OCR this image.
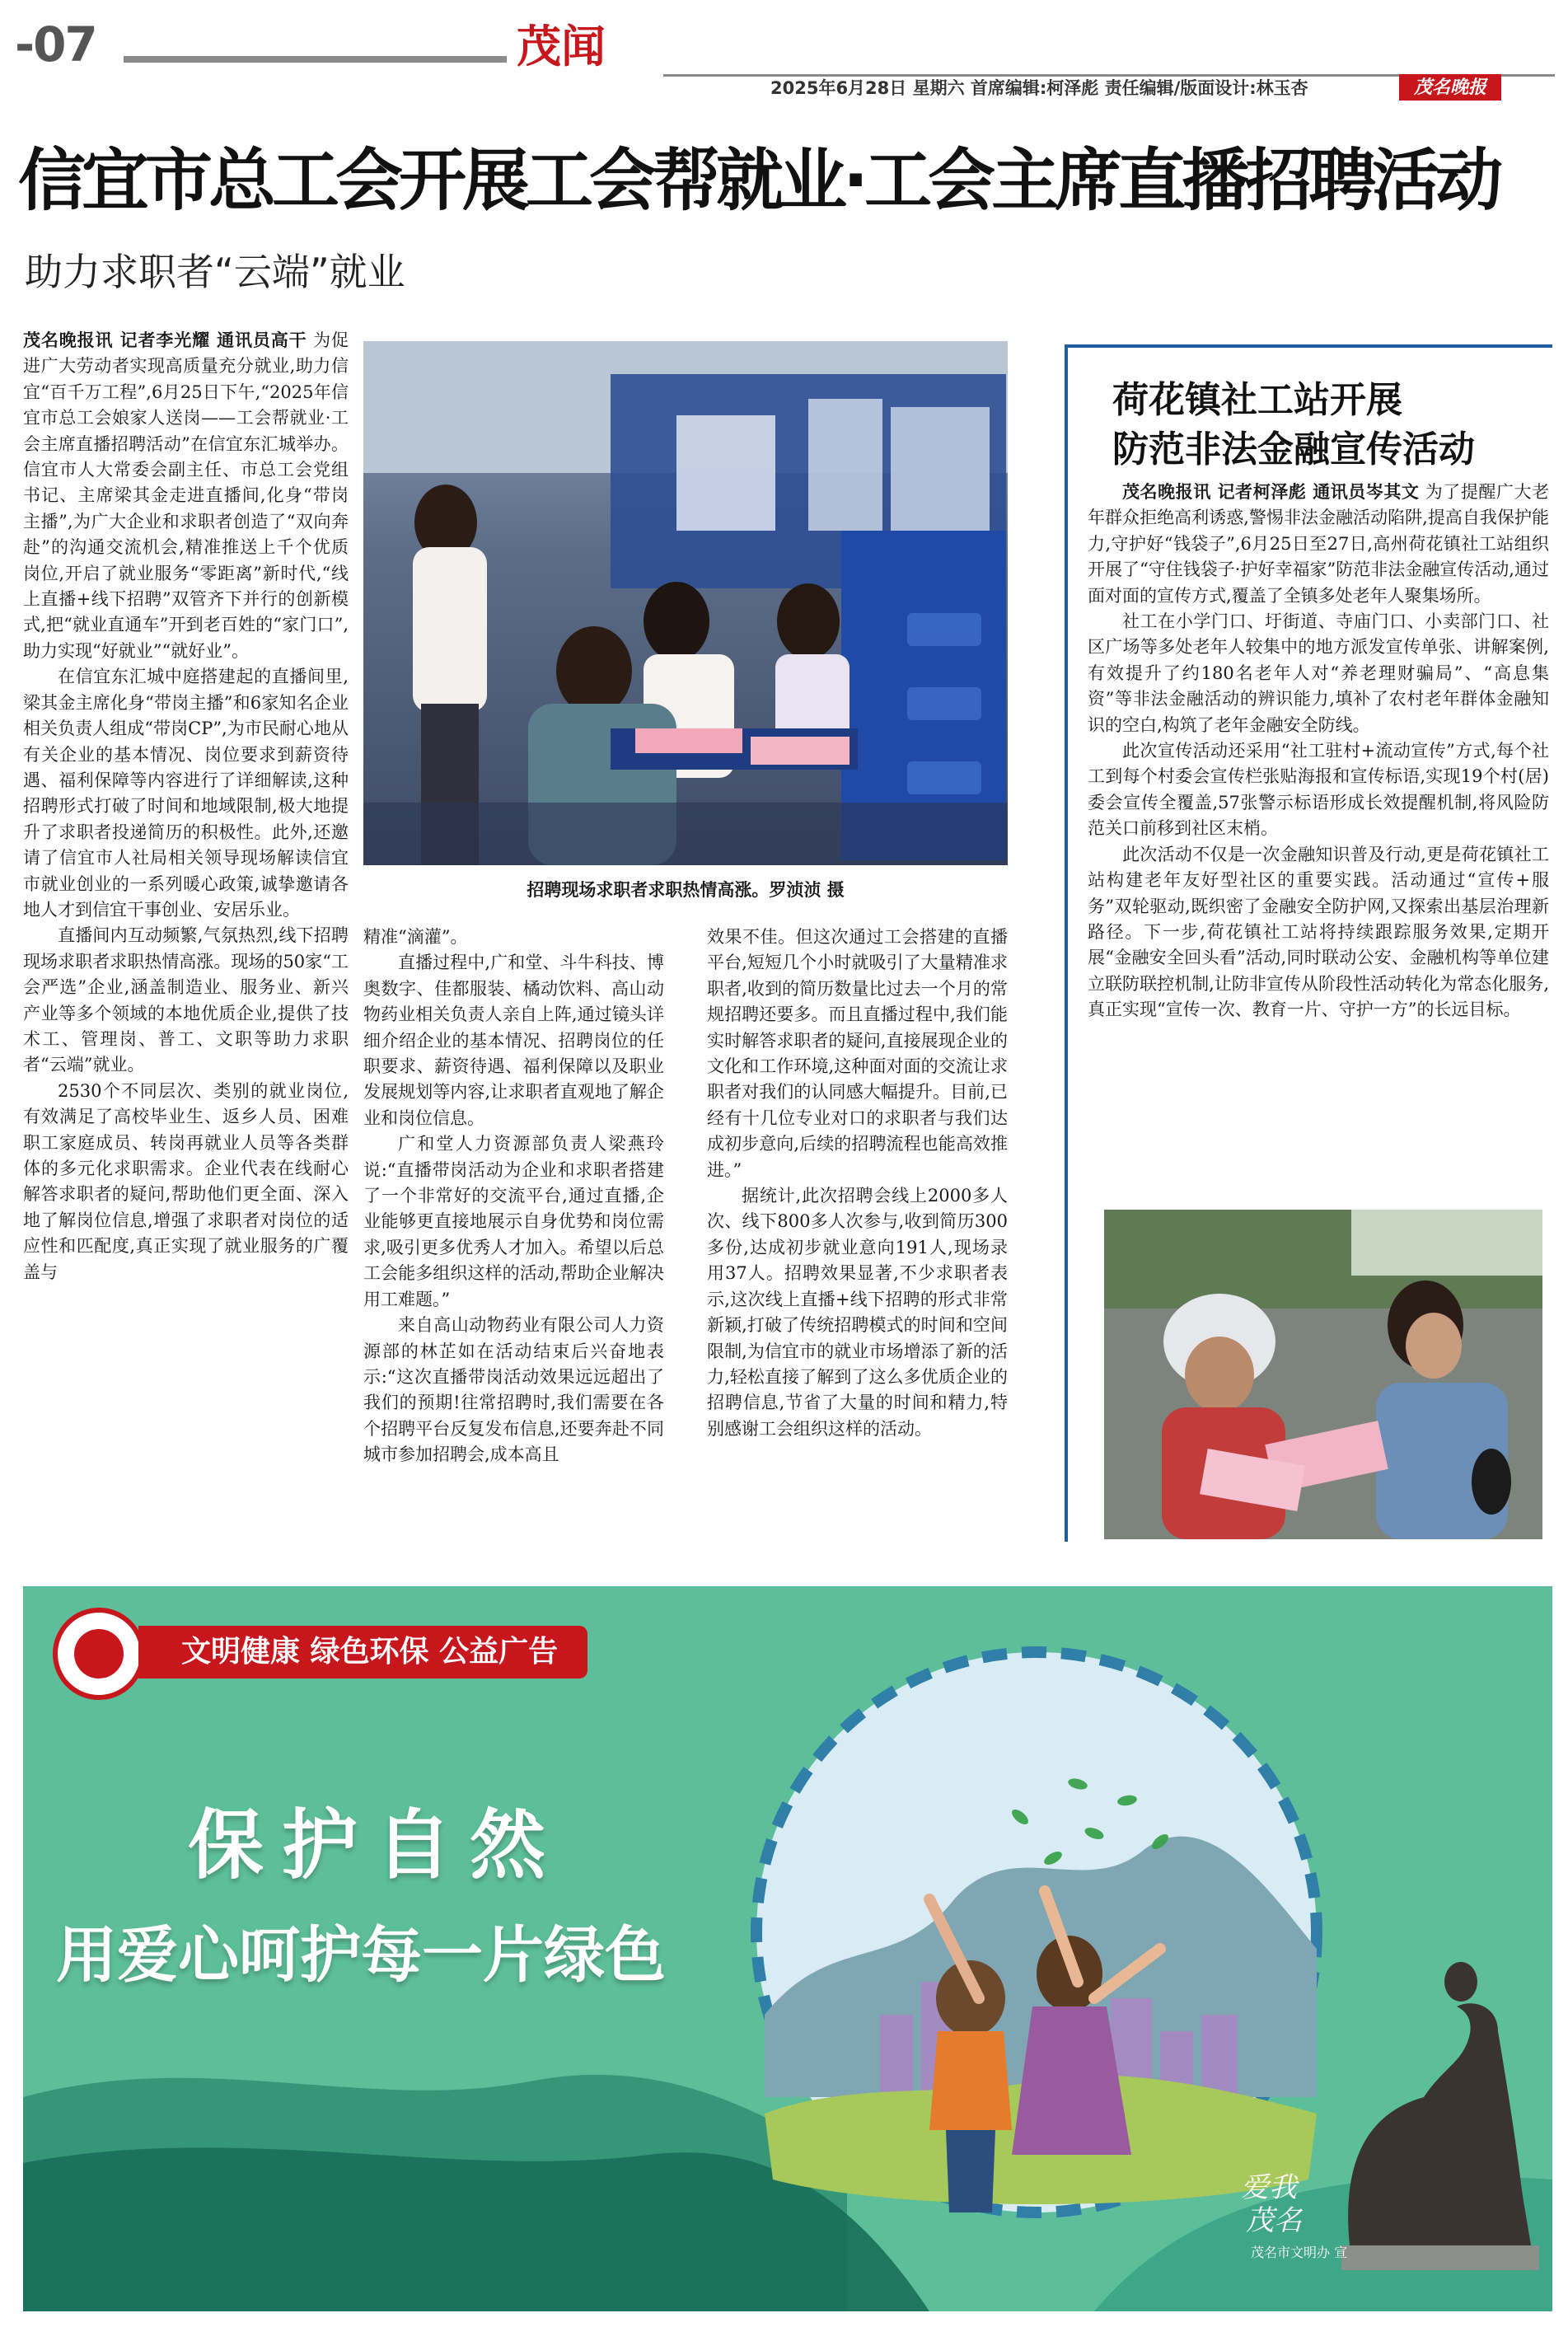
-07	茂闻
2025年6月28日 星期六 首席编辑:柯泽彪 责任编辑/版面设计:林玉杏	茂名晚报
信宜市总工会开展工会帮就业·工会主席直播招聘活动
助力求职者“云端”就业

茂名晚报讯 记者李光耀 通讯员高干 为促进广大劳动者实现高质量充分就业,助力信宜“百千万工程”,6月25日下午,“2025年信宜市总工会娘家人送岗——工会帮就业·工会主席直播招聘活动”在信宜东汇城举办。信宜市人大常委会副主任、市总工会党组书记、主席梁其金走进直播间,化身“带岗主播”,为广大企业和求职者创造了“双向奔赴”的沟通交流机会,精准推送上千个优质岗位,开启了就业服务“零距离”新时代,“线上直播+线下招聘”双管齐下并行的创新模式,把“就业直通车”开到老百姓的“家门口”,助力实现“好就业”“就好业”。

在信宜东汇城中庭搭建起的直播间里,梁其金主席化身“带岗主播”和6家知名企业相关负责人组成“带岗CP”,为市民耐心地从有关企业的基本情况、岗位要求到薪资待遇、福利保障等内容进行了详细解读,这种招聘形式打破了时间和地域限制,极大地提升了求职者投递简历的积极性。此外,还邀请了信宜市人社局相关领导现场解读信宜市就业创业的一系列暖心政策,诚挚邀请各地人才到信宜干事创业、安居乐业。

直播间内互动频繁,气氛热烈,线下招聘现场求职者求职热情高涨。现场的50家“工会严选”企业,涵盖制造业、服务业、新兴产业等多个领域的本地优质企业,提供了技术工、管理岗、普工、文职等助力求职者“云端”就业。

2530个不同层次、类别的就业岗位,有效满足了高校毕业生、返乡人员、困难职工家庭成员、转岗再就业人员等各类群体的多元化求职需求。企业代表在线耐心解答求职者的疑问,帮助他们更全面、深入地了解岗位信息,增强了求职者对岗位的适应性和匹配度,真正实现了就业服务的广覆盖与

招聘现场求职者求职热情高涨。罗浈浈 摄

精准“滴灌”。

直播过程中,广和堂、斗牛科技、博奥数字、佳都服装、橘动饮料、高山动物药业相关负责人亲自上阵,通过镜头详细介绍企业的基本情况、招聘岗位的任职要求、薪资待遇、福利保障以及职业发展规划等内容,让求职者直观地了解企业和岗位信息。

广和堂人力资源部负责人梁燕玲说:“直播带岗活动为企业和求职者搭建了一个非常好的交流平台,通过直播,企业能够更直接地展示自身优势和岗位需求,吸引更多优秀人才加入。希望以后总工会能多组织这样的活动,帮助企业解决用工难题。”

来自高山动物药业有限公司人力资源部的林芷如在活动结束后兴奋地表示:“这次直播带岗活动效果远远超出了我们的预期!往常招聘时,我们需要在各个招聘平台反复发布信息,还要奔赴不同城市参加招聘会,成本高且

效果不佳。但这次通过工会搭建的直播平台,短短几个小时就吸引了大量精准求职者,收到的简历数量比过去一个月的常规招聘还要多。而且直播过程中,我们能实时解答求职者的疑问,直接展现企业的文化和工作环境,这种面对面的交流让求职者对我们的认同感大幅提升。目前,已经有十几位专业对口的求职者与我们达成初步意向,后续的招聘流程也能高效推进。”

据统计,此次招聘会线上2000多人次、线下800多人次参与,收到简历300多份,达成初步就业意向191人,现场录用37人。招聘效果显著,不少求职者表示,这次线上直播+线下招聘的形式非常新颖,打破了传统招聘模式的时间和空间限制,为信宜市的就业市场增添了新的活力,轻松直接了解到了这么多优质企业的招聘信息,节省了大量的时间和精力,特别感谢工会组织这样的活动。

荷花镇社工站开展
防范非法金融宣传活动

茂名晚报讯 记者柯泽彪 通讯员岑其文 为了提醒广大老年群众拒绝高利诱惑,警惕非法金融活动陷阱,提高自我保护能力,守护好“钱袋子”,6月25日至27日,高州荷花镇社工站组织开展了“守住钱袋子·护好幸福家”防范非法金融宣传活动,通过面对面的宣传方式,覆盖了全镇多处老年人聚集场所。

社工在小学门口、圩街道、寺庙门口、小卖部门口、社区广场等多处老年人较集中的地方派发宣传单张、讲解案例,有效提升了约180名老年人对“养老理财骗局”、“高息集资”等非法金融活动的辨识能力,填补了农村老年群体金融知识的空白,构筑了老年金融安全防线。

此次宣传活动还采用“社工驻村+流动宣传”方式,每个社工到每个村委会宣传栏张贴海报和宣传标语,实现19个村(居)委会宣传全覆盖,57张警示标语形成长效提醒机制,将风险防范关口前移到社区末梢。

此次活动不仅是一次金融知识普及行动,更是荷花镇社工站构建老年友好型社区的重要实践。活动通过“宣传+服务”双轮驱动,既织密了金融安全防护网,又探索出基层治理新路径。下一步,荷花镇社工站将持续跟踪服务效果,定期开展“金融安全回头看”活动,同时联动公安、金融机构等单位建立联防联控机制,让防非宣传从阶段性活动转化为常态化服务,真正实现“宣传一次、教育一片、守护一方”的长远目标。

文明健康 绿色环保 公益广告
保护自然
用爱心呵护每一片绿色
爱我
茂名
茂名市文明办 宣
